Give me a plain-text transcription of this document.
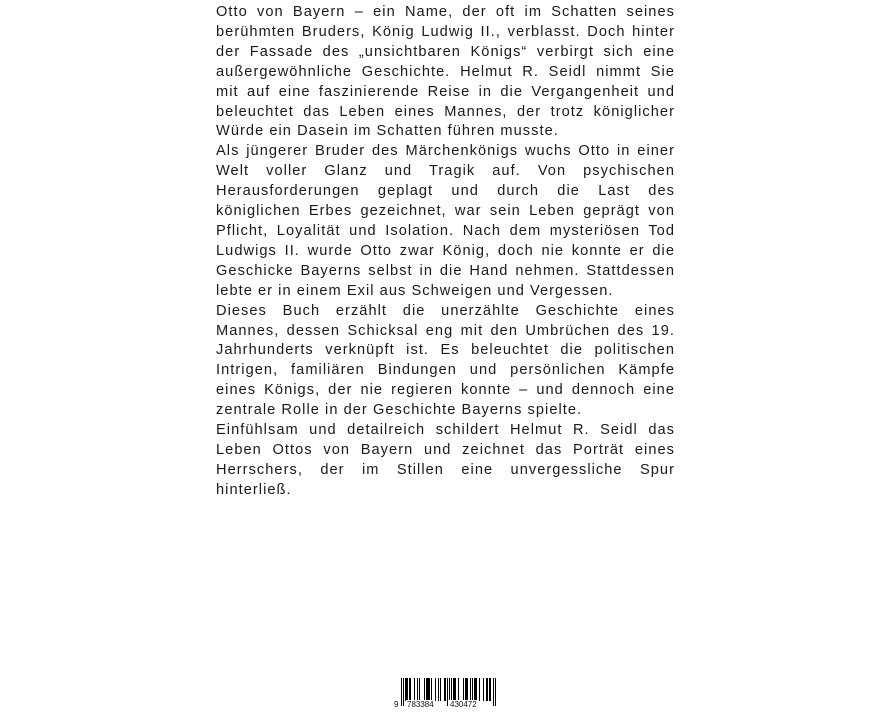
Otto von Bayern – ein Name, der oft im Schatten seines berühmten Bruders, König Ludwig II., verblasst. Doch hinter der Fassade des „unsichtbaren Königs“ verbirgt sich eine außergewöhnliche Geschichte. Helmut R. Seidl nimmt Sie mit auf eine faszinierende Reise in die Vergangenheit und beleuchtet das Leben eines Mannes, der trotz königlicher Würde ein Dasein im Schatten führen musste.

Als jüngerer Bruder des Märchenkönigs wuchs Otto in einer Welt voller Glanz und Tragik auf. Von psychischen Herausforderungen geplagt und durch die Last des königlichen Erbes gezeichnet, war sein Leben geprägt von Pflicht, Loyalität und Isolation. Nach dem mysteriösen Tod Ludwigs II. wurde Otto zwar König, doch nie konnte er die Geschicke Bayerns selbst in die Hand nehmen. Stattdessen lebte er in einem Exil aus Schweigen und Vergessen.

Dieses Buch erzählt die unerzählte Geschichte eines Mannes, dessen Schicksal eng mit den Umbrüchen des 19. Jahrhunderts verknüpft ist. Es beleuchtet die politischen Intrigen, familiären Bindungen und persönlichen Kämpfe eines Königs, der nie regieren konnte – und dennoch eine zentrale Rolle in der Geschichte Bayerns spielte.

Einfühlsam und detailreich schildert Helmut R. Seidl das Leben Ottos von Bayern und zeichnet das Porträt eines Herrschers, der im Stillen eine unvergessliche Spur hinterließ.

9 783384 430472
